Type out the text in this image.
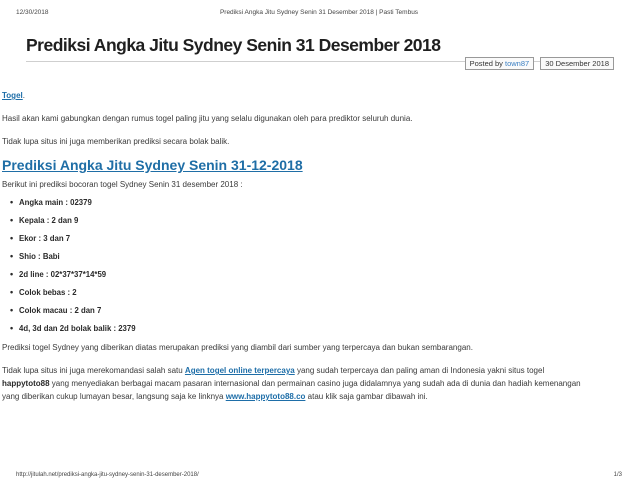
12/30/2018	Prediksi Angka Jitu Sydney Senin 31 Desember 2018 | Pasti Tembus
Prediksi Angka Jitu Sydney Senin 31 Desember 2018
Posted by town87	30 Desember 2018

Togel.

Hasil akan kami gabungkan dengan rumus togel paling jitu yang selalu digunakan oleh para prediktor seluruh dunia.

Tidak lupa situs ini juga memberikan prediksi secara bolak balik.

Prediksi Angka Jitu Sydney Senin 31-12-2018

Berikut ini prediksi bocoran togel Sydney Senin 31 desember 2018 :

• Angka main : 02379
• Kepala : 2 dan 9
• Ekor : 3 dan 7
• Shio : Babi
• 2d line : 02*37*37*14*59
• Colok bebas : 2
• Colok macau : 2 dan 7
• 4d, 3d dan 2d bolak balik : 2379

Prediksi togel Sydney yang diberikan diatas merupakan prediksi yang diambil dari sumber yang terpercaya dan bukan sembarangan.

Tidak lupa situs ini juga merekomandasi salah satu Agen togel online terpercaya yang sudah terpercaya dan paling aman di Indonesia yakni situs togel happytoto88 yang menyediakan berbagai macam pasaran internasional dan permainan casino juga didalamnya yang sudah ada di dunia dan hadiah kemenangan yang diberikan cukup lumayan besar, langsung saja ke linknya www.happytoto88.co atau klik saja gambar dibawah ini.

http://jitulah.net/prediksi-angka-jitu-sydney-senin-31-desember-2018/	1/3
